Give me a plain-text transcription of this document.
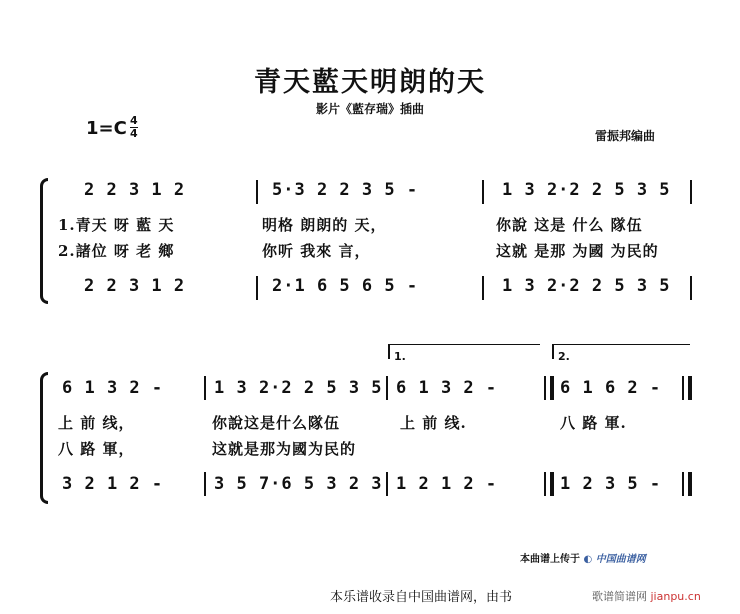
青天藍天明朗的天
影片《藍存瑞》插曲
1=C 4
4	雷振邦编曲
2 2 3 1 2	5·3 2 2 3 5 -	1 3 2·2 2 5 3 5
1.青天 呀 藍 天	明格 朗朗的 天，	你說 这是 什么 隊伍
2.諸位 呀 老 鄉	你听 我來 言，	这就 是那 为國 为民的
2 2 3 1 2	2·1 6 5 6 5 -	1 3 2·2 2 5 3 5
1.	2.
6 1 3 2 -	1 3 2·2 2 5 3 5 6 1 3 2 -	6 1 6 2 -
上 前 线，	你說这是什么隊伍	上 前 线.	八 路 軍.
八 路 軍，	这就是那为國为民的
3 2 1 2 -	3 5 7·6 5 3 2 3 1 2 1 2 -	1 2 3 5 -
本曲谱上传于 ◐ 中国曲谱网
本乐谱收录自中国曲谱网，由书	歌谱简谱网 jianpu.cn
